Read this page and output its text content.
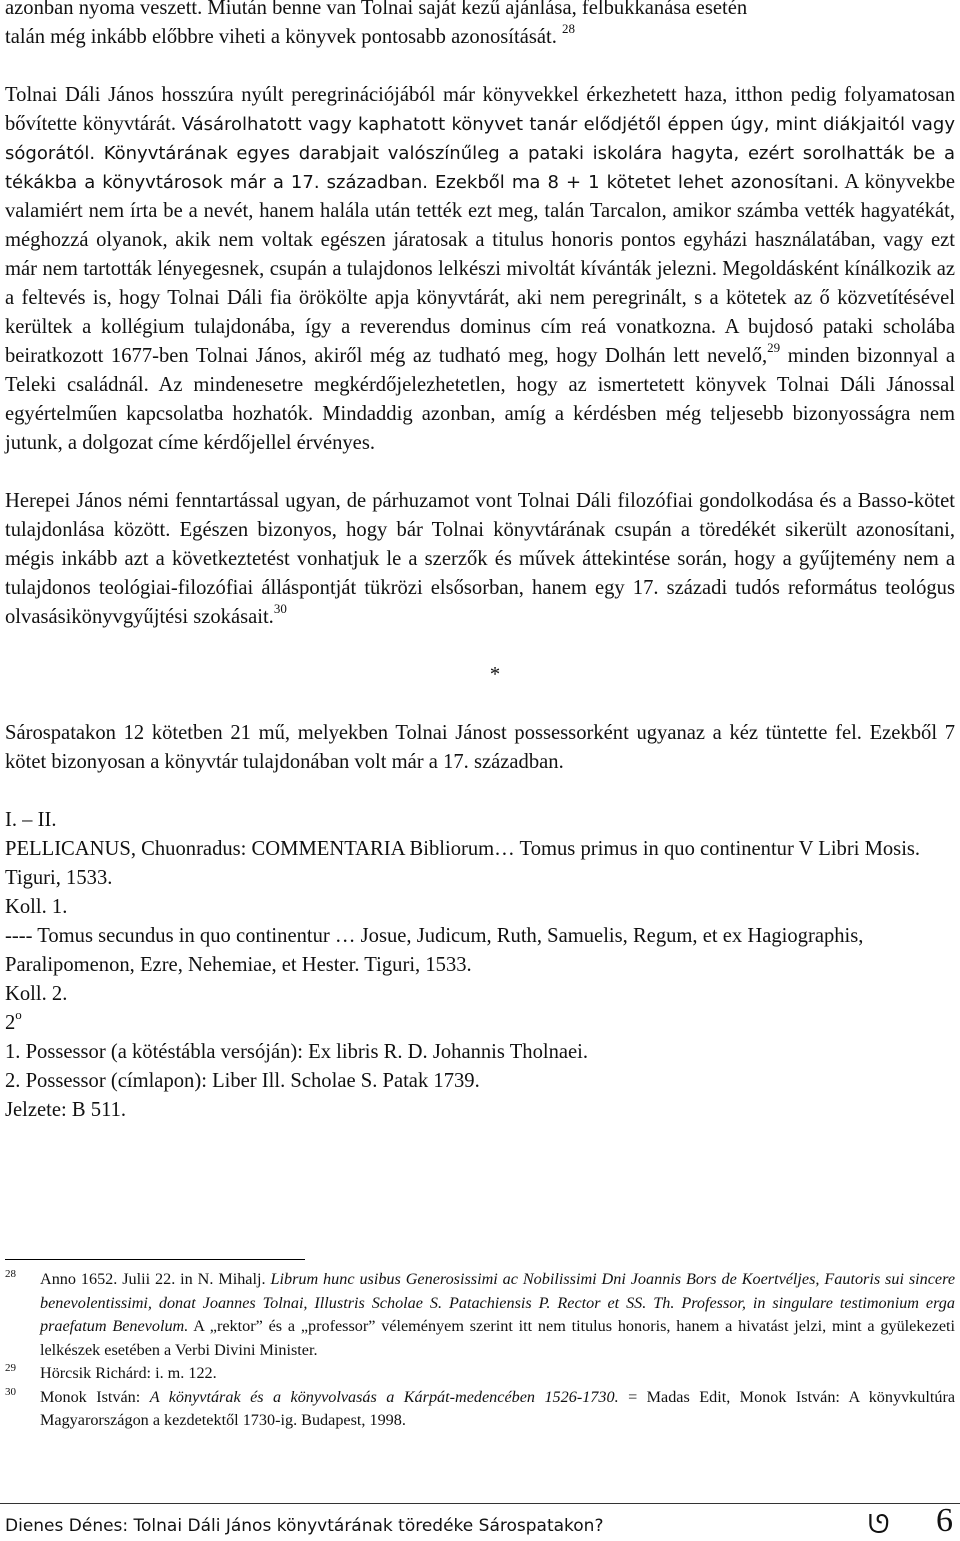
azonban nyoma veszett. Miután benne van Tolnai saját kezű ajánlása, felbukkanása esetén
talán még inkább előbbre viheti a könyvek pontosabb azonosítását. $^{28}$

Tolnai Dáli János hosszúra nyúlt peregrinációjából már könyvekkel érkezhetett haza, itthon pedig folyamatosan bővítette könyvtárát. Vásárolhatott vagy kaphatott könyvet tanár elődjétől éppen úgy, mint diákjaitól vagy sógorától. Könyvtárának egyes darabjait valószínűleg a pataki iskolára hagyta, ezért sorolhatták be a tékákba a könyvtárosok már a 17. században. Ezekből ma 8 + 1 kötetet lehet azonosítani. A könyvekbe valamiért nem írta be a nevét, hanem halála után tették ezt meg, talán Tarcalon, amikor számba vették hagyatékát, méghozzá olyanok, akik nem voltak egészen járatosak a titulus honoris pontos egyházi használatában, vagy ezt már nem tartották lényegesnek, csupán a tulajdonos lelkészi mivoltát kívánták jelezni. Megoldásként kínálkozik az a feltevés is, hogy Tolnai Dáli fia örökölte apja könyvtárát, aki nem peregrinált, s a kötetek az ő közvetítésével kerültek a kollégium tulajdonába, így a reverendus dominus cím reá vonatkozna. A bujdosó pataki scholába beiratkozott 1677-ben Tolnai János, akiről még az tudható meg, hogy Dolhán lett nevelő,$^{29}$ minden bizonnyal a Teleki családnál. Az mindenesetre megkérdőjelezhetetlen, hogy az ismertetett könyvek Tolnai Dáli Jánossal egyértelműen kapcsolatba hozhatók. Mindaddig azonban, amíg a kérdésben még teljesebb bizonyosságra nem jutunk, a dolgozat címe kérdőjellel érvényes.

Herepei János némi fenntartással ugyan, de párhuzamot vont Tolnai Dáli filozófiai gondolkodása és a Basso-kötet tulajdonlása között. Egészen bizonyos, hogy bár Tolnai könyvtárának csupán a töredékét sikerült azonosítani, mégis inkább azt a következtetést vonhatjuk le a szerzők és művek áttekintése során, hogy a gyűjtemény nem a tulajdonos teológiai-filozófiai álláspontját tükrözi elsősorban, hanem egy 17. századi tudós református teológus olvasásikönyvgyűjtési szokásait.$^{30}$

*

Sárospatakon 12 kötetben 21 mű, melyekben Tolnai Jánost possessorként ugyanaz a kéz tüntette fel. Ezekből 7 kötet bizonyosan a könyvtár tulajdonában volt már a 17. században.

I. – II.

PELLICANUS, Chuonradus: COMMENTARIA Bibliorum… Tomus primus in quo continentur V Libri Mosis. Tiguri, 1533.

Koll. 1.

---- Tomus secundus in quo continentur … Josue, Judicum, Ruth, Samuelis, Regum, et ex Hagiographis, Paralipomenon, Ezre, Nehemiae, et Hester. Tiguri, 1533.

Koll. 2.

2$^o$

1. Possessor (a kötéstábla versóján): Ex libris R. D. Johannis Tholnaei.

2. Possessor (címlapon): Liber Ill. Scholae S. Patak 1739.

Jelzete: B 511.

28 Anno 1652. Julii 22. in N. Mihalj. Librum hunc usibus Generosissimi ac Nobilissimi Dni Joannis Bors de Koertvéljes, Fautoris sui sincere benevolentissimi, donat Joannes Tolnai, Illustris Scholae S. Patachiensis P. Rector et SS. Th. Professor, in singulare testimonium erga praefatum Benevolum. A „rektor” és a „professor” véleményem szerint itt nem titulus honoris, hanem a hivatást jelzi, mint a gyülekezeti lelkészek esetében a Verbi Divini Minister.
29 Hörcsik Richárd: i. m. 122.
30 Monok István: A könyvtárak és a könyvolvasás a Kárpát-medencében 1526-1730. = Madas Edit, Monok István: A könyvkultúra Magyarországon a kezdetektől 1730-ig. Budapest, 1998.
Dienes Dénes: Tolnai Dáli János könyvtárának töredéke Sárospatakon?	ᘎ 6
